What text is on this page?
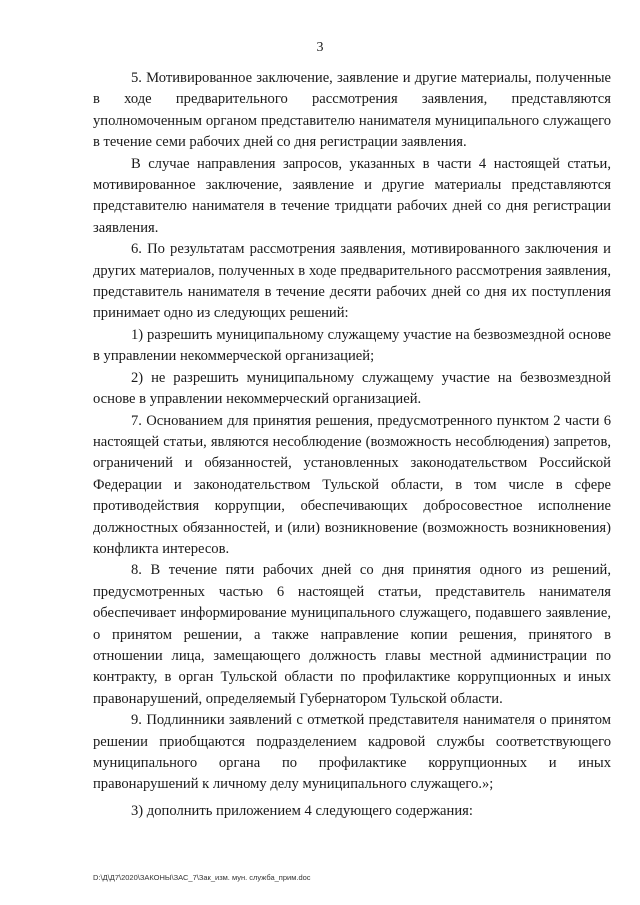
3

5. Мотивированное заключение, заявление и другие материалы, полученные в ходе предварительного рассмотрения заявления, представляются уполномоченным органом представителю нанимателя муниципального служащего в течение семи рабочих дней со дня регистрации заявления.

В случае направления запросов, указанных в части 4 настоящей статьи, мотивированное заключение, заявление и другие материалы представляются представителю нанимателя в течение тридцати рабочих дней со дня регистрации заявления.

6. По результатам рассмотрения заявления, мотивированного заключения и других материалов, полученных в ходе предварительного рассмотрения заявления, представитель нанимателя в течение десяти рабочих дней со дня их поступления принимает одно из следующих решений:

1) разрешить муниципальному служащему участие на безвозмездной основе в управлении некоммерческой организацией;

2) не разрешить муниципальному служащему участие на безвозмездной основе в управлении некоммерческий организацией.

7. Основанием для принятия решения, предусмотренного пунктом 2 части 6 настоящей статьи, являются несоблюдение (возможность несоблюдения) запретов, ограничений и обязанностей, установленных законодательством Российской Федерации и законодательством Тульской области, в том числе в сфере противодействия коррупции, обеспечивающих добросовестное исполнение должностных обязанностей, и (или) возникновение (возможность возникновения) конфликта интересов.

8. В течение пяти рабочих дней со дня принятия одного из решений, предусмотренных частью 6 настоящей статьи, представитель нанимателя обеспечивает информирование муниципального служащего, подавшего заявление, о принятом решении, а также направление копии решения, принятого в отношении лица, замещающего должность главы местной администрации по контракту, в орган Тульской области по профилактике коррупционных и иных правонарушений, определяемый Губернатором Тульской области.

9. Подлинники заявлений с отметкой представителя нанимателя о принятом решении приобщаются подразделением кадровой службы соответствующего муниципального органа по профилактике коррупционных и иных правонарушений к личному делу муниципального служащего.»;

3) дополнить приложением 4 следующего содержания:
D:\Д\Д7\2020\ЗАКОНЫ\ЗАС_7\Зак_изм. мун. служба_прим.doc
